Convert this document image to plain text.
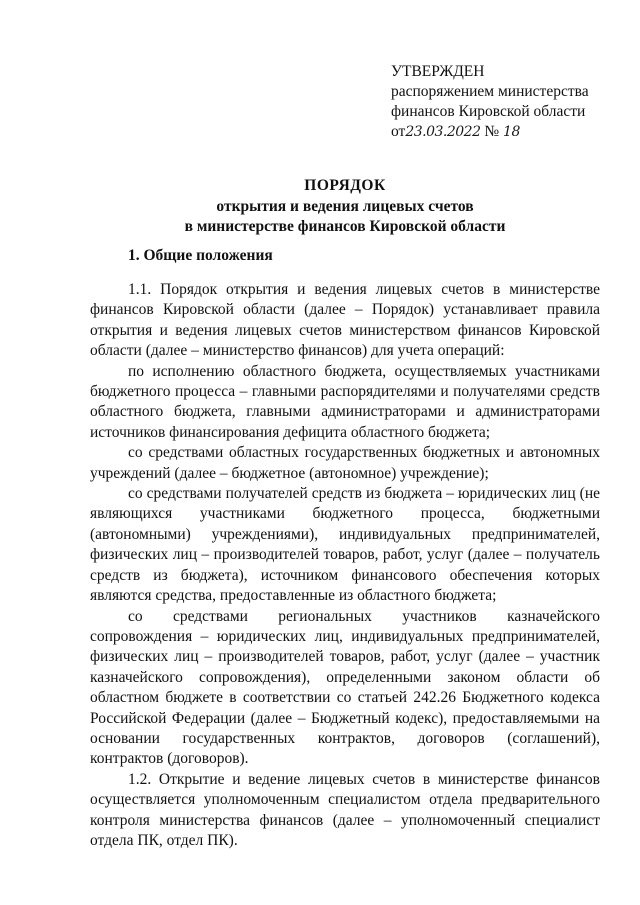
УТВЕРЖДЕН

распоряжением министерства

финансов Кировской области

от23.03.2022 № 18

ПОРЯДОК
открытия и ведения лицевых счетов
в министерстве финансов Кировской области
1. Общие положения

1.1. Порядок открытия и ведения лицевых счетов в министерстве финансов Кировской области (далее – Порядок) устанавливает правила открытия и ведения лицевых счетов министерством финансов Кировской области (далее – министерство финансов) для учета операций:

по исполнению областного бюджета, осуществляемых участниками бюджетного процесса – главными распорядителями и получателями средств областного бюджета, главными администраторами и администраторами источников финансирования дефицита областного бюджета;

со средствами областных государственных бюджетных и автономных учреждений (далее – бюджетное (автономное) учреждение);

со средствами получателей средств из бюджета – юридических лиц (не являющихся участниками бюджетного процесса, бюджетными (автономными) учреждениями), индивидуальных предпринимателей, физических лиц – производителей товаров, работ, услуг (далее – получатель средств из бюджета), источником финансового обеспечения которых являются средства, предоставленные из областного бюджета;

со средствами региональных участников казначейского сопровождения – юридических лиц, индивидуальных предпринимателей, физических лиц – производителей товаров, работ, услуг (далее – участник казначейского сопровождения), определенными законом области об областном бюджете в соответствии со статьей 242.26 Бюджетного кодекса Российской Федерации (далее – Бюджетный кодекс), предоставляемыми на основании государственных контрактов, договоров (соглашений), контрактов (договоров).

1.2. Открытие и ведение лицевых счетов в министерстве финансов осуществляется уполномоченным специалистом отдела предварительного контроля министерства финансов (далее – уполномоченный специалист отдела ПК, отдел ПК).
